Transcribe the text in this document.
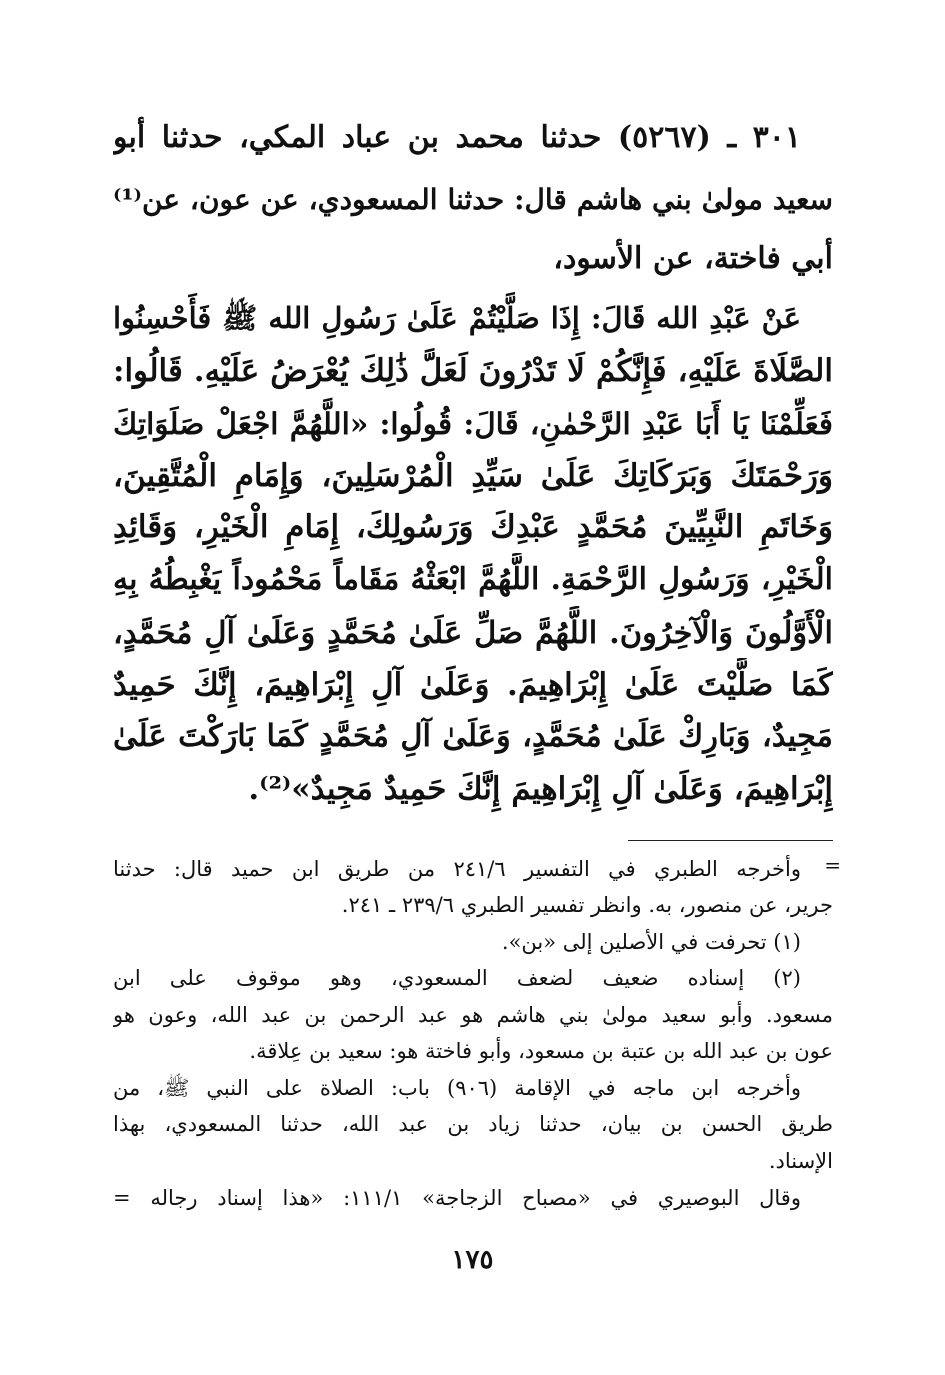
٣٠١ ـ (٥٢٦٧) حدثنا محمد بن عباد المكي، حدثنا أبو
سعيد مولىٰ بني هاشم قال: حدثنا المسعودي، عن عون، عن⁽¹⁾
أبي فاختة، عن الأسود،
عَنْ عَبْدِ الله قَالَ: إِذَا صَلَّيْتُمْ عَلَىٰ رَسُولِ الله ﷺ فَأَحْسِنُوا
الصَّلَاةَ عَلَيْهِ، فَإِنَّكُمْ لَا تَدْرُونَ لَعَلَّ ذَٰلِكَ يُعْرَضُ عَلَيْهِ. قَالُوا:
فَعَلِّمْنَا يَا أَبَا عَبْدِ الرَّحْمٰنِ، قَالَ: قُولُوا: «اللَّهُمَّ اجْعَلْ صَلَوَاتِكَ
وَرَحْمَتَكَ وَبَرَكَاتِكَ عَلَىٰ سَيِّدِ الْمُرْسَلِينَ، وَإِمَامِ الْمُتَّقِينَ،
وَخَاتَمِ النَّبِيِّينَ مُحَمَّدٍ عَبْدِكَ وَرَسُولِكَ، إِمَامِ الْخَيْرِ، وَقَائِدِ
الْخَيْرِ، وَرَسُولِ الرَّحْمَةِ. اللَّهُمَّ ابْعَثْهُ مَقَاماً مَحْمُوداً يَغْبِطُهُ بِهِ
الْأَوَّلُونَ وَالْآخِرُونَ. اللَّهُمَّ صَلِّ عَلَىٰ مُحَمَّدٍ وَعَلَىٰ آلِ مُحَمَّدٍ،
كَمَا صَلَّيْتَ عَلَىٰ إِبْرَاهِيمَ. وَعَلَىٰ آلِ إِبْرَاهِيمَ، إِنَّكَ حَمِيدٌ
مَجِيدٌ، وَبَارِكْ عَلَىٰ مُحَمَّدٍ، وَعَلَىٰ آلِ مُحَمَّدٍ كَمَا بَارَكْتَ عَلَىٰ
إِبْرَاهِيمَ، وَعَلَىٰ آلِ إِبْرَاهِيمَ إِنَّكَ حَمِيدٌ مَجِيدٌ»⁽²⁾.
=
وأخرجه الطبري في التفسير ٢٤١/٦ من طريق ابن حميد قال: حدثنا
جرير، عن منصور، به. وانظر تفسير الطبري ٢٣٩/٦ ـ ٢٤١.
(١) تحرفت في الأصلين إلى «بن».
(٢) إسناده ضعيف لضعف المسعودي، وهو موقوف على ابن
مسعود. وأبو سعيد مولىٰ بني هاشم هو عبد الرحمن بن عبد الله، وعون هو
عون بن عبد الله بن عتبة بن مسعود، وأبو فاختة هو: سعيد بن عِلاقة.
وأخرجه ابن ماجه في الإقامة (٩٠٦) باب: الصلاة على النبي ﷺ، من
طريق الحسن بن بيان، حدثنا زياد بن عبد الله، حدثنا المسعودي، بهذا
الإسناد.
وقال البوصيري في «مصباح الزجاجة» ١١١/١: «هذا إسناد رجاله =
١٧٥
